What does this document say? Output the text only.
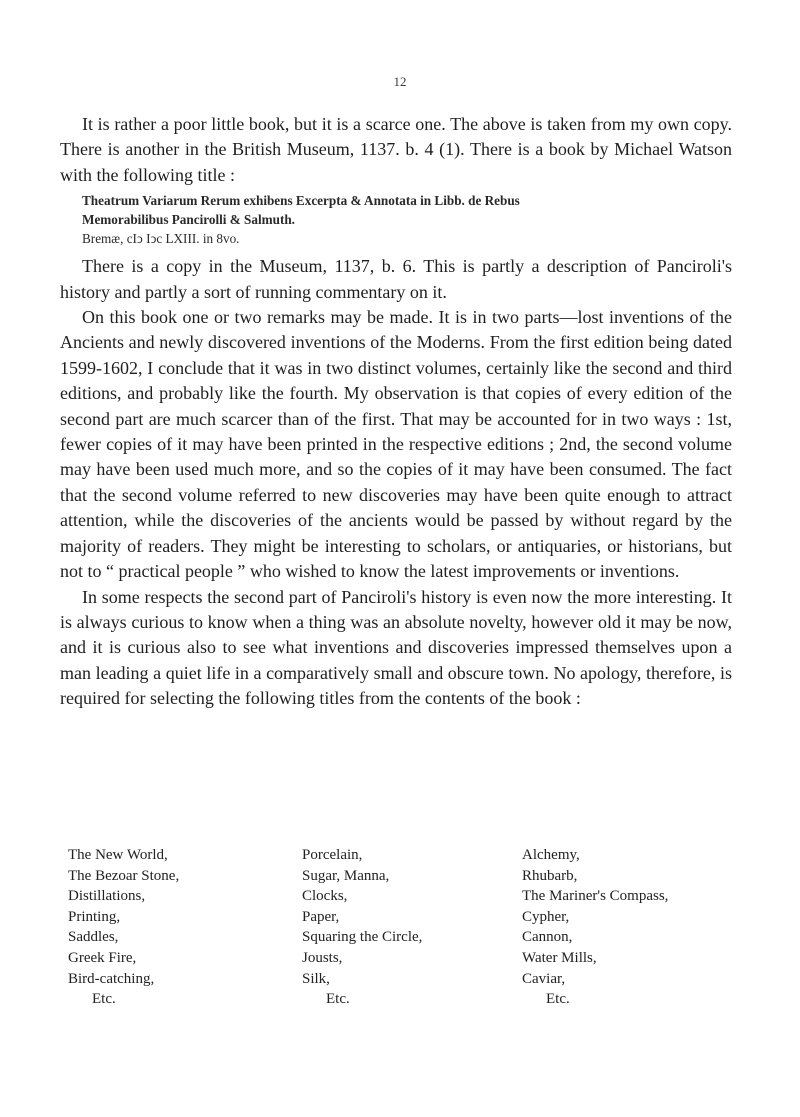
12

It is rather a poor little book, but it is a scarce one. The above is taken from my own copy. There is another in the British Museum, 1137. b. 4 (1). There is a book by Michael Watson with the following title :

Theatrum Variarum Rerum exhibens Excerpta & Annotata in Libb. de Rebus
Memorabilibus Pancirolli & Salmuth.
Bremæ, cIↄ Iↄc LXIII. in 8vo.

There is a copy in the Museum, 1137, b. 6. This is partly a description of Panciroli's history and partly a sort of running commentary on it.

On this book one or two remarks may be made. It is in two parts—lost inventions of the Ancients and newly discovered inventions of the Moderns. From the first edition being dated 1599-1602, I conclude that it was in two distinct volumes, certainly like the second and third editions, and probably like the fourth. My observation is that copies of every edition of the second part are much scarcer than of the first. That may be accounted for in two ways : 1st, fewer copies of it may have been printed in the respective editions ; 2nd, the second volume may have been used much more, and so the copies of it may have been consumed. The fact that the second volume referred to new discoveries may have been quite enough to attract attention, while the discoveries of the ancients would be passed by without regard by the majority of readers. They might be interesting to scholars, or antiquaries, or historians, but not to “ practical people ” who wished to know the latest improvements or inventions.

In some respects the second part of Panciroli's history is even now the more interesting. It is always curious to know when a thing was an absolute novelty, however old it may be now, and it is curious also to see what inventions and discoveries impressed themselves upon a man leading a quiet life in a comparatively small and obscure town. No apology, therefore, is required for selecting the following titles from the contents of the book :

The New World,
The Bezoar Stone,
Distillations,
Printing,
Saddles,
Greek Fire,
Bird-catching,
Etc.
Porcelain,
Sugar, Manna,
Clocks,
Paper,
Squaring the Circle,
Jousts,
Silk,
Etc.
Alchemy,
Rhubarb,
The Mariner's Compass,
Cypher,
Cannon,
Water Mills,
Caviar,
Etc.
